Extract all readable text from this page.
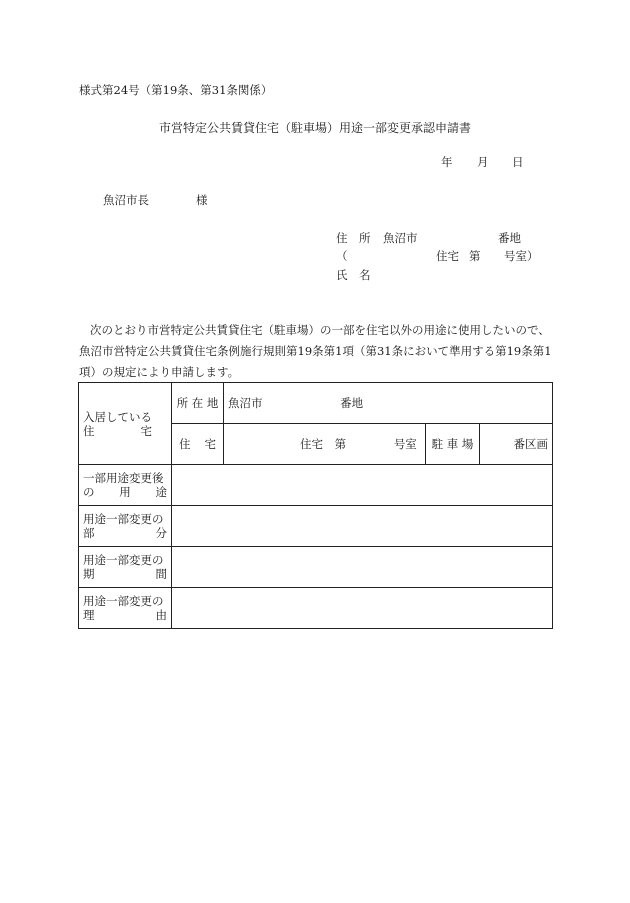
様式第24号（第19条、第31条関係）
市営特定公共賃貸住宅（駐車場）用途一部変更承認申請書
年 月 日
魚沼市長	様
住 所 魚沼市	番地
（	住宅 第 号室）
氏 名

次のとおり市営特定公共賃貸住宅（駐車場）の一部を住宅以外の用途に使用したいので、

魚沼市営特定公共賃貸住宅条例施行規則第19条第1項（第31条において準用する第19条第1

項）の規定により申請します。

入居している
住　　　　宅	所 在 地	魚沼市 番地		

	住 宅	住宅 第 号室	駐 車 場	番区画

一部用途変更後
の 用 途				

用途一部変更の
部 分				

用途一部変更の
期 間				

用途一部変更の
理 由				
